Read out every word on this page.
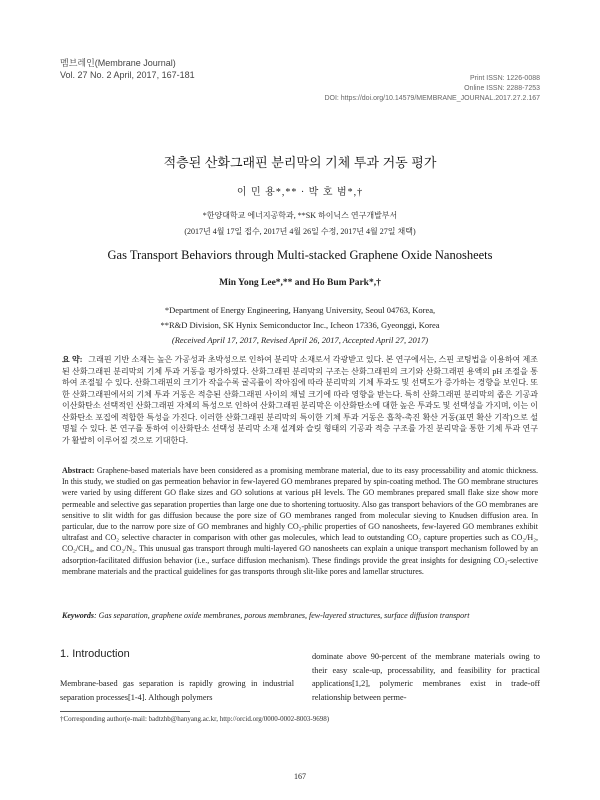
멤브레인(Membrane Journal)
Vol. 27 No. 2 April, 2017, 167-181	Print ISSN: 1226-0088
Online ISSN: 2288-7253
DOI: https://doi.org/10.14579/MEMBRANE_JOURNAL.2017.27.2.167
적층된 산화그래핀 분리막의 기체 투과 거동 평가
이 민 용*,** · 박 호 범*,†
*한양대학교 에너지공학과, **SK 하이닉스 연구개발부서
(2017년 4월 17일 접수, 2017년 4월 26일 수정, 2017년 4월 27일 채택)
Gas Transport Behaviors through Multi-stacked Graphene Oxide Nanosheets
Min Yong Lee*,** and Ho Bum Park*,†
*Department of Energy Engineering, Hanyang University, Seoul 04763, Korea,
**R&D Division, SK Hynix Semiconductor Inc., Icheon 17336, Gyeonggi, Korea
(Received April 17, 2017, Revised April 26, 2017, Accepted April 27, 2017)
요 약: 그래핀 기반 소재는 높은 가공성과 초박성으로 인하여 분리막 소재로서 각광받고 있다. 본 연구에서는, 스핀 코팅법을 이용하여 제조된 산화그래핀 분리막의 기체 투과 거동을 평가하였다. 산화그래핀 분리막의 구조는 산화그래핀의 크기와 산화그래핀 용액의 pH 조절을 통하여 조절될 수 있다. 산화그래핀의 크기가 작을수록 굴곡률이 작아짐에 따라 분리막의 기체 투과도 및 선택도가 증가하는 경향을 보인다. 또한 산화그래핀에서의 기체 투과 거동은 적층된 산화그래핀 사이의 채널 크기에 따라 영향을 받는다. 특히 산화그래핀 분리막의 좁은 기공과 이산화탄소 선택적인 산화그래핀 자체의 특성으로 인하여 산화그래핀 분리막은 이산화탄소에 대한 높은 투과도 및 선택성을 가지며, 이는 이산화탄소 포집에 적합한 특성을 가진다. 이러한 산화그래핀 분리막의 특이한 기체 투과 거동은 흡착-촉진 확산 거동(표면 확산 기작)으로 설명될 수 있다. 본 연구를 통하여 이산화탄소 선택성 분리막 소재 설계와 슬릿 형태의 기공과 적층 구조를 가진 분리막을 통한 기체 투과 연구가 활발히 이루어질 것으로 기대한다.
Abstract: Graphene-based materials have been considered as a promising membrane material, due to its easy processability and atomic thickness. In this study, we studied on gas permeation behavior in few-layered GO membranes prepared by spin-coating method. The GO membrane structures were varied by using different GO flake sizes and GO solutions at various pH levels. The GO membranes prepared small flake size show more permeable and selective gas separation properties than large one due to shortening tortuosity. Also gas transport behaviors of the GO membranes are sensitive to slit width for gas diffusion because the pore size of GO membranes ranged from molecular sieving to Knudsen diffusion area. In particular, due to the narrow pore size of GO membranes and highly CO₂-philic properties of GO nanosheets, few-layered GO membranes exhibit ultrafast and CO₂ selective character in comparison with other gas molecules, which lead to outstanding CO₂ capture properties such as CO₂/H₂, CO₂/CH₄, and CO₂/N₂. This unusual gas transport through multi-layered GO nanosheets can explain a unique transport mechanism followed by an adsorption-facilitated diffusion behavior (i.e., surface diffusion mechanism). These findings provide the great insights for designing CO₂-selective membrane materials and the practical guidelines for gas transports through slit-like pores and lamellar structures.
Keywords: Gas separation, graphene oxide membranes, porous membranes, few-layered structures, surface diffusion transport
1. Introduction
Membrane-based gas separation is rapidly growing in industrial separation processes[1-4]. Although polymers
dominate above 90-percent of the membrane materials owing to their easy scale-up, processability, and feasibility for practical applications[1,2], polymeric membranes exist in trade-off relationship between perme-
†Corresponding author(e-mail: badtzhb@hanyang.ac.kr, http://orcid.org/0000-0002-8003-9698)
167
